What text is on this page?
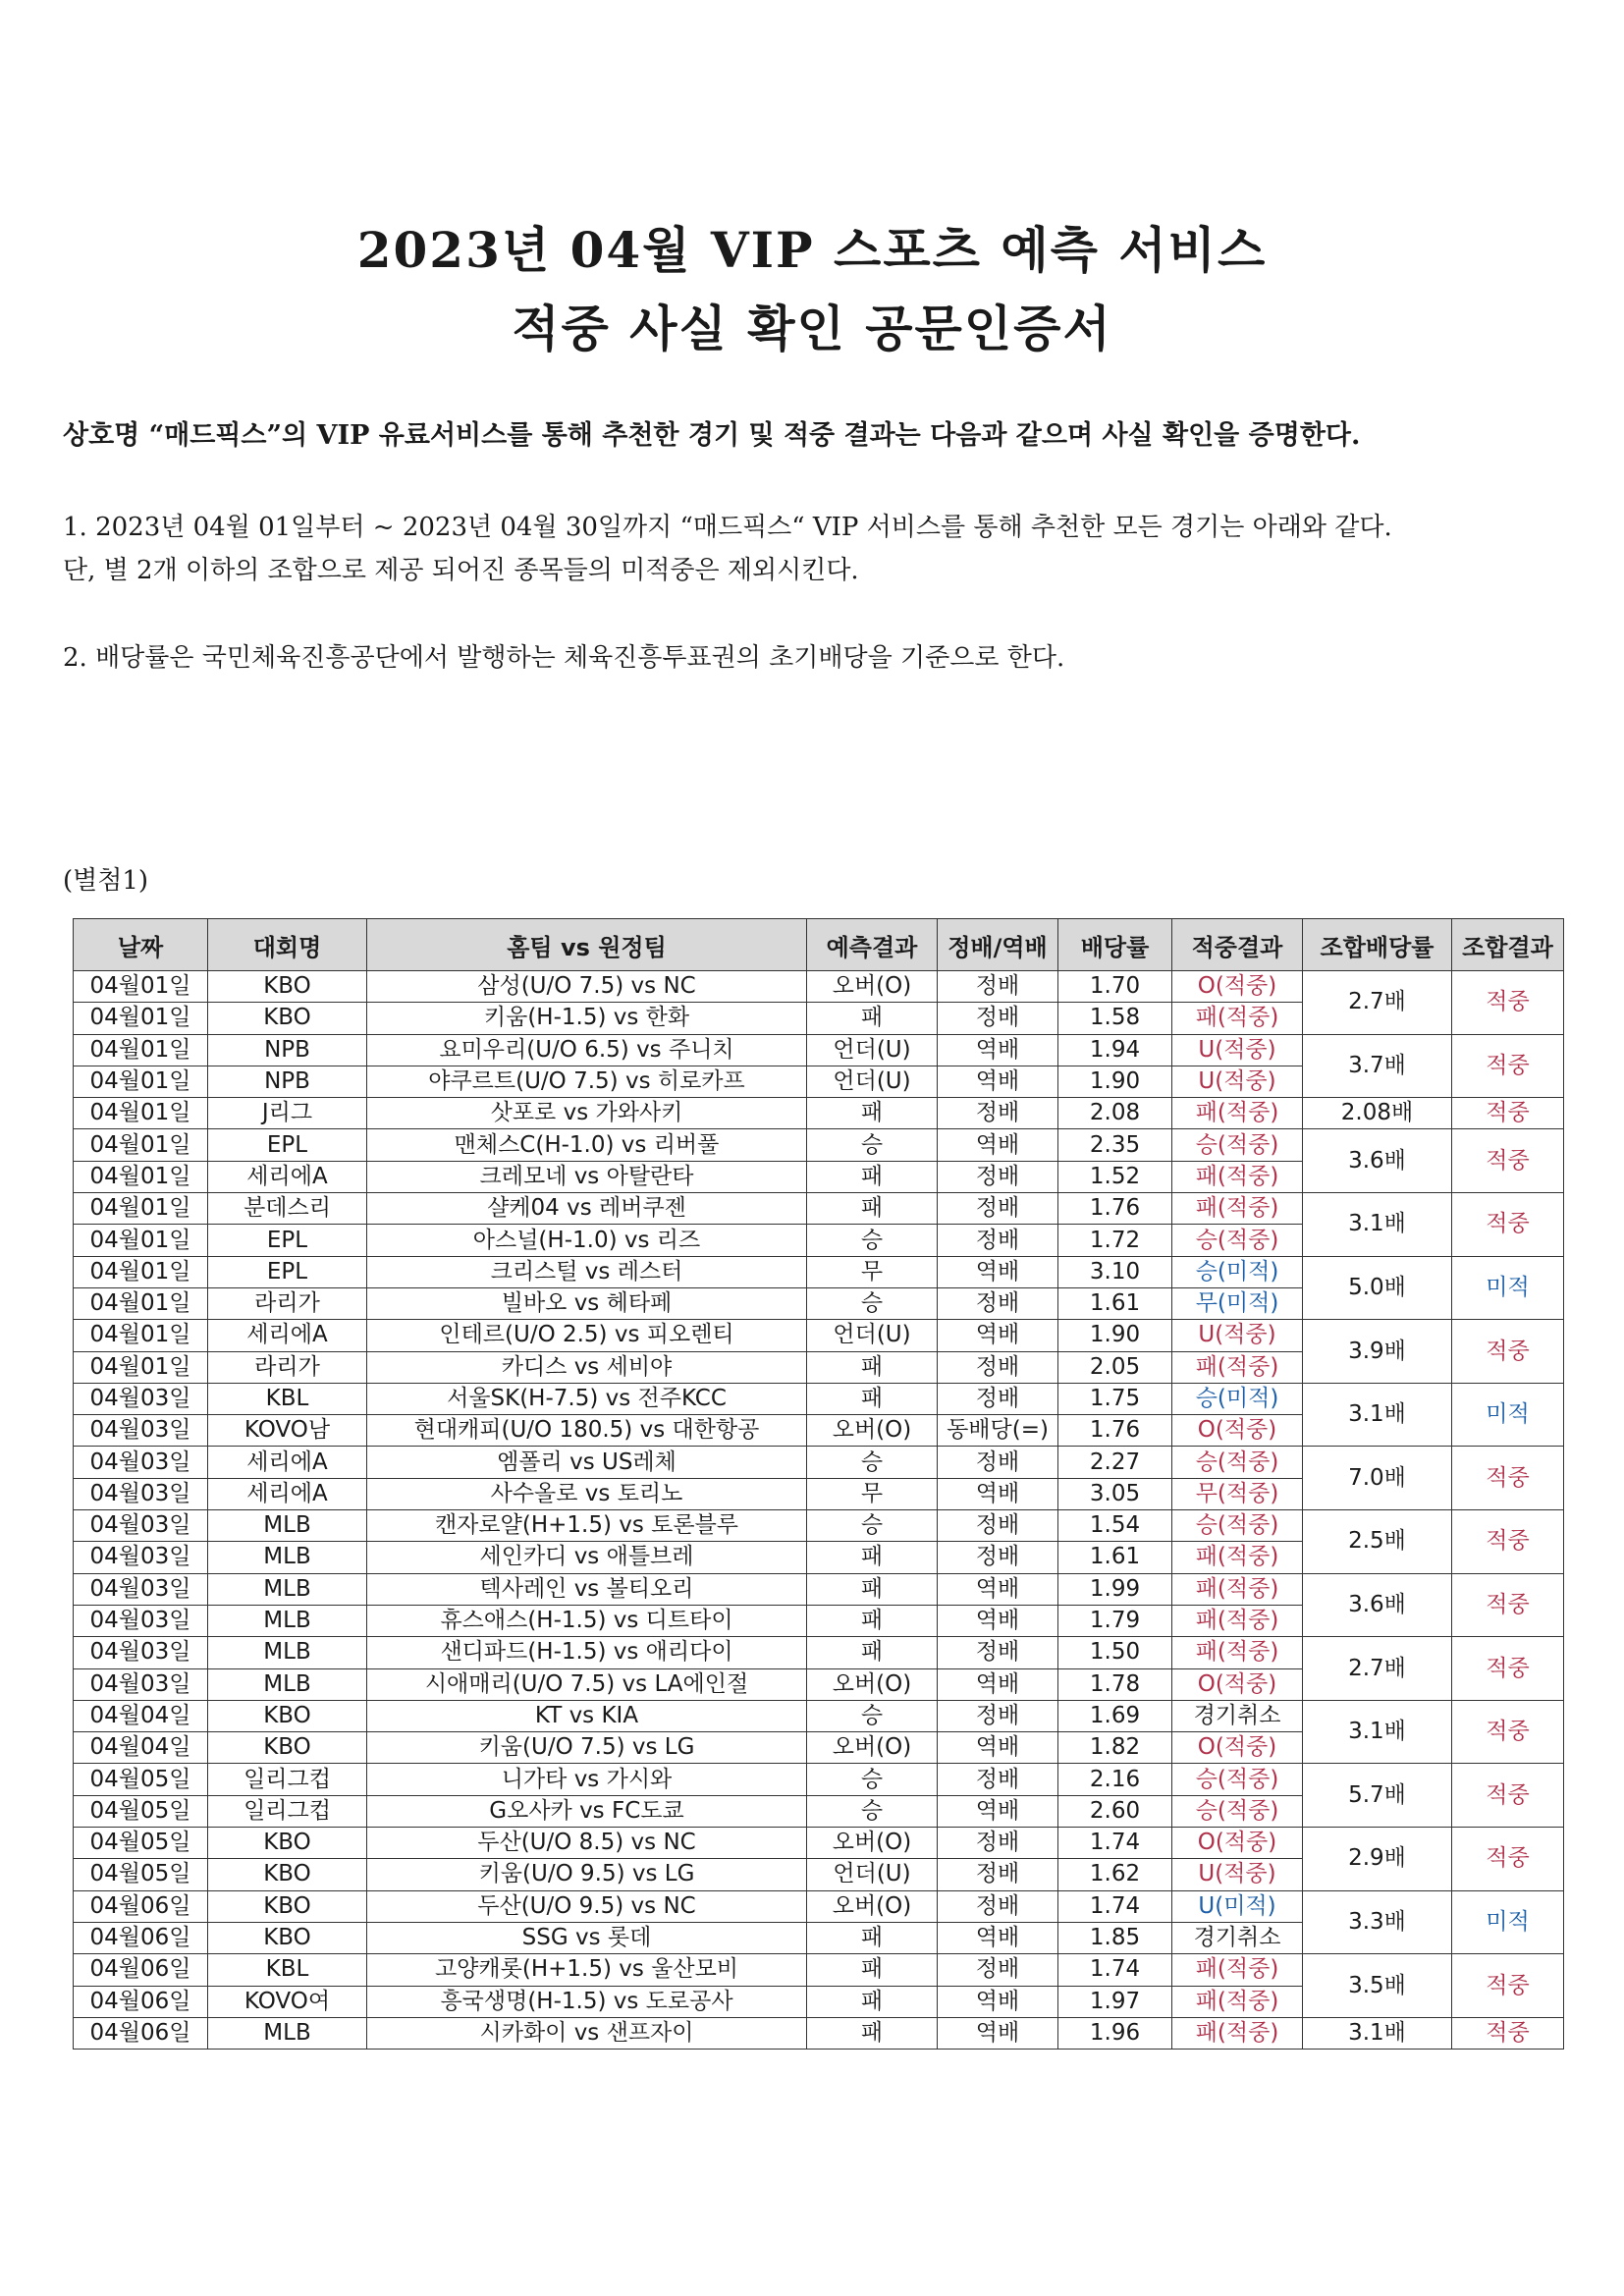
2023년 04월 VIP 스포츠 예측 서비스
적중 사실 확인 공문인증서
상호명 “매드픽스”의 VIP 유료서비스를 통해 추천한 경기 및 적중 결과는 다음과 같으며 사실 확인을 증명한다.
1. 2023년 04월 01일부터 ~ 2023년 04월 30일까지 “매드픽스“ VIP 서비스를 통해 추천한 모든 경기는 아래와 같다.
단, 별 2개 이하의 조합으로 제공 되어진 종목들의 미적중은 제외시킨다.
2. 배당률은 국민체육진흥공단에서 발행하는 체육진흥투표권의 초기배당을 기준으로 한다.
(별첨1)
날짜	대회명	홈팀 vs 원정팀	예측결과	정배/역배	배당률	적중결과	조합배당률	조합결과
04월01일	KBO	삼성(U/O 7.5) vs NC	오버(O)	정배	1.70	O(적중)	2.7배	적중
04월01일	KBO	키움(H-1.5) vs 한화	패	정배	1.58	패(적중)		
04월01일	NPB	요미우리(U/O 6.5) vs 주니치	언더(U)	역배	1.94	U(적중)	3.7배	적중
04월01일	NPB	야쿠르트(U/O 7.5) vs 히로카프	언더(U)	역배	1.90	U(적중)		
04월01일	J리그	삿포로 vs 가와사키	패	정배	2.08	패(적중)	2.08배	적중
04월01일	EPL	맨체스C(H-1.0) vs 리버풀	승	역배	2.35	승(적중)	3.6배	적중
04월01일	세리에A	크레모네 vs 아탈란타	패	정배	1.52	패(적중)		
04월01일	분데스리	샬케04 vs 레버쿠젠	패	정배	1.76	패(적중)	3.1배	적중
04월01일	EPL	아스널(H-1.0) vs 리즈	승	정배	1.72	승(적중)		
04월01일	EPL	크리스털 vs 레스터	무	역배	3.10	승(미적)	5.0배	미적
04월01일	라리가	빌바오 vs 헤타페	승	정배	1.61	무(미적)		
04월01일	세리에A	인테르(U/O 2.5) vs 피오렌티	언더(U)	역배	1.90	U(적중)	3.9배	적중
04월01일	라리가	카디스 vs 세비야	패	정배	2.05	패(적중)		
04월03일	KBL	서울SK(H-7.5) vs 전주KCC	패	정배	1.75	승(미적)	3.1배	미적
04월03일	KOVO남	현대캐피(U/O 180.5) vs 대한항공	오버(O)	동배당(=)	1.76	O(적중)		
04월03일	세리에A	엠폴리 vs US레체	승	정배	2.27	승(적중)	7.0배	적중
04월03일	세리에A	사수올로 vs 토리노	무	역배	3.05	무(적중)		
04월03일	MLB	캔자로얄(H+1.5) vs 토론블루	승	정배	1.54	승(적중)	2.5배	적중
04월03일	MLB	세인카디 vs 애틀브레	패	정배	1.61	패(적중)		
04월03일	MLB	텍사레인 vs 볼티오리	패	역배	1.99	패(적중)	3.6배	적중
04월03일	MLB	휴스애스(H-1.5) vs 디트타이	패	역배	1.79	패(적중)		
04월03일	MLB	샌디파드(H-1.5) vs 애리다이	패	정배	1.50	패(적중)	2.7배	적중
04월03일	MLB	시애매리(U/O 7.5) vs LA에인절	오버(O)	역배	1.78	O(적중)		
04월04일	KBO	KT vs KIA	승	정배	1.69	경기취소	3.1배	적중
04월04일	KBO	키움(U/O 7.5) vs LG	오버(O)	역배	1.82	O(적중)		
04월05일	일리그컵	니가타 vs 가시와	승	정배	2.16	승(적중)	5.7배	적중
04월05일	일리그컵	G오사카 vs FC도쿄	승	역배	2.60	승(적중)		
04월05일	KBO	두산(U/O 8.5) vs NC	오버(O)	정배	1.74	O(적중)	2.9배	적중
04월05일	KBO	키움(U/O 9.5) vs LG	언더(U)	정배	1.62	U(적중)		
04월06일	KBO	두산(U/O 9.5) vs NC	오버(O)	정배	1.74	U(미적)	3.3배	미적
04월06일	KBO	SSG vs 롯데	패	역배	1.85	경기취소		
04월06일	KBL	고양캐롯(H+1.5) vs 울산모비	패	정배	1.74	패(적중)	3.5배	적중
04월06일	KOVO여	흥국생명(H-1.5) vs 도로공사	패	역배	1.97	패(적중)		
04월06일	MLB	시카화이 vs 샌프자이	패	역배	1.96	패(적중)	3.1배	적중
